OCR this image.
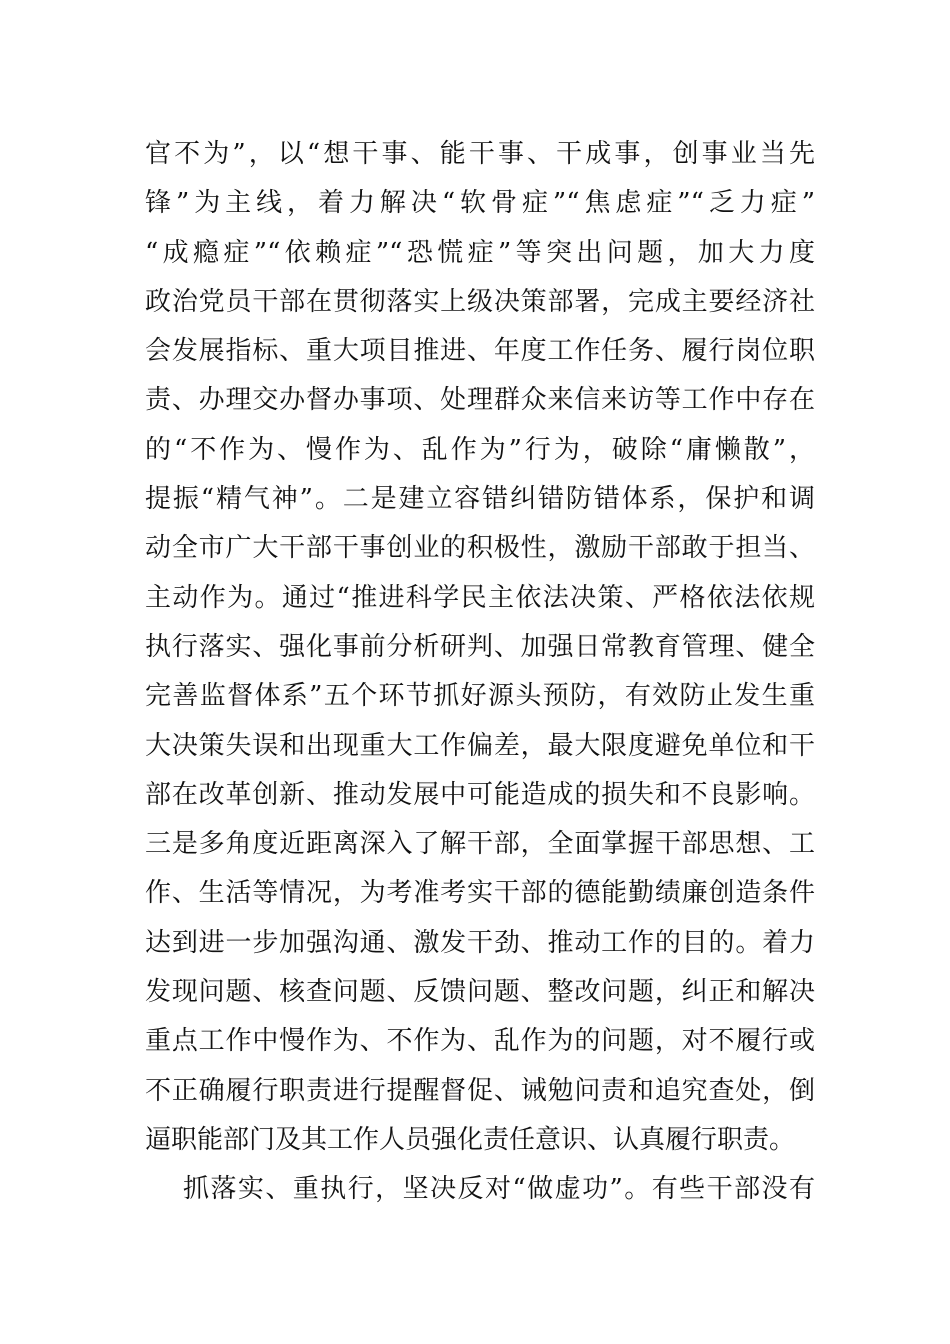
官不为”，以“想干事、能干事、干成事，创事业当先
锋”为主线，着力解决“软骨症”“焦虑症”“乏力症”
“成瘾症”“依赖症”“恐慌症”等突出问题，加大力度
政治党员干部在贯彻落实上级决策部署，完成主要经济社
会发展指标、重大项目推进、年度工作任务、履行岗位职
责、办理交办督办事项、处理群众来信来访等工作中存在
的“不作为、慢作为、乱作为”行为，破除“庸懒散”，
提振“精气神”。二是建立容错纠错防错体系，保护和调
动全市广大干部干事创业的积极性，激励干部敢于担当、
主动作为。通过“推进科学民主依法决策、严格依法依规
执行落实、强化事前分析研判、加强日常教育管理、健全
完善监督体系”五个环节抓好源头预防，有效防止发生重
大决策失误和出现重大工作偏差，最大限度避免单位和干
部在改革创新、推动发展中可能造成的损失和不良影响。
三是多角度近距离深入了解干部，全面掌握干部思想、工
作、生活等情况，为考准考实干部的德能勤绩廉创造条件
达到进一步加强沟通、激发干劲、推动工作的目的。着力
发现问题、核查问题、反馈问题、整改问题，纠正和解决
重点工作中慢作为、不作为、乱作为的问题，对不履行或
不正确履行职责进行提醒督促、诫勉问责和追究查处，倒
逼职能部门及其工作人员强化责任意识、认真履行职责。
抓落实、重执行，坚决反对“做虚功”。有些干部没有
